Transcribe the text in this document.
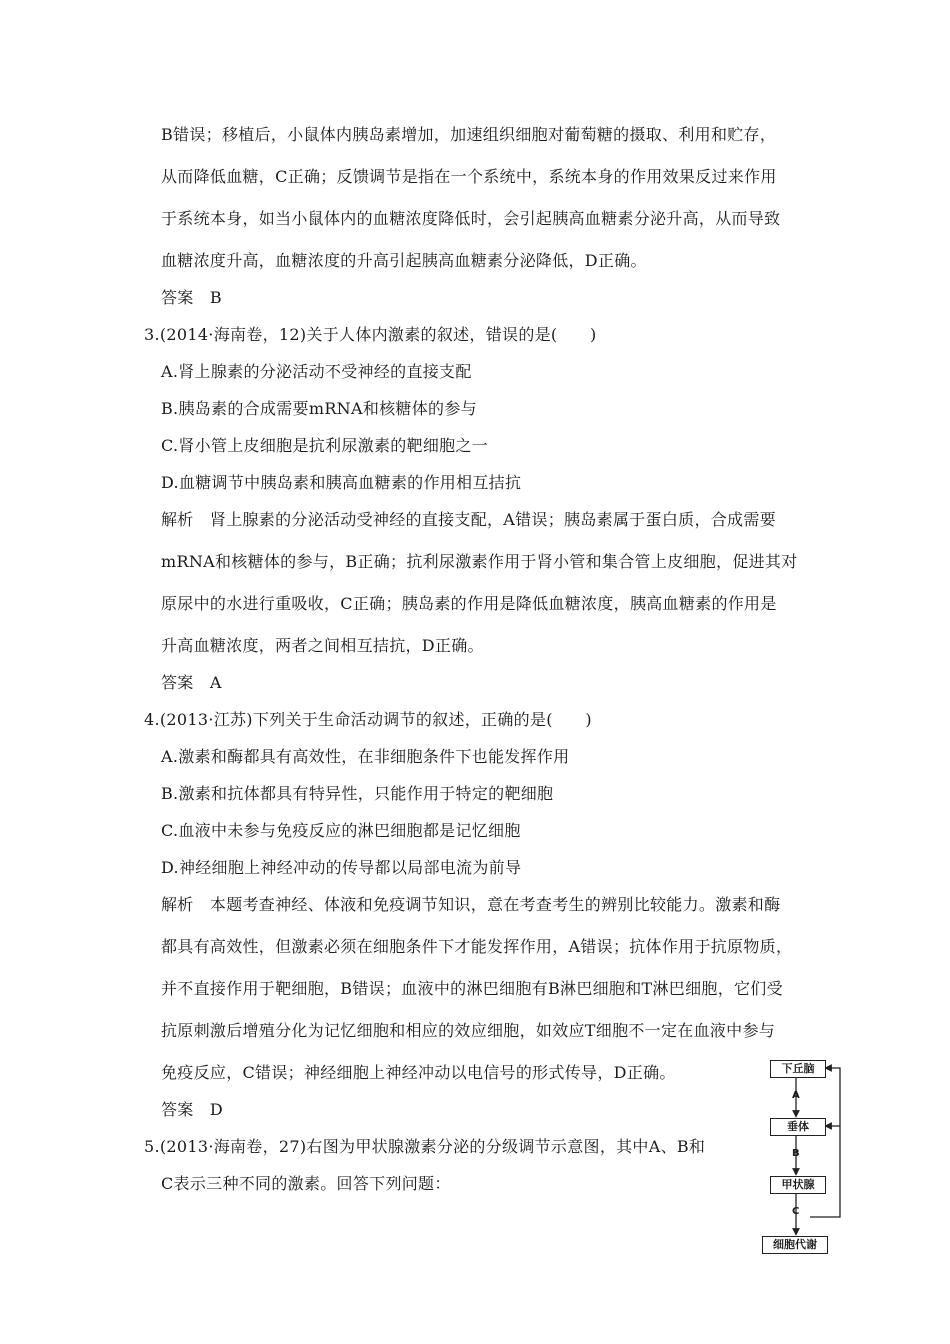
B错误；移植后，小鼠体内胰岛素增加，加速组织细胞对葡萄糖的摄取、利用和贮存，
从而降低血糖，C正确；反馈调节是指在一个系统中，系统本身的作用效果反过来作用
于系统本身，如当小鼠体内的血糖浓度降低时，会引起胰高血糖素分泌升高，从而导致
血糖浓度升高，血糖浓度的升高引起胰高血糖素分泌降低，D正确。
答案　B
3.(2014·海南卷，12)关于人体内激素的叙述，错误的是(　　)
A.肾上腺素的分泌活动不受神经的直接支配
B.胰岛素的合成需要mRNA和核糖体的参与
C.肾小管上皮细胞是抗利尿激素的靶细胞之一
D.血糖调节中胰岛素和胰高血糖素的作用相互拮抗
解析　肾上腺素的分泌活动受神经的直接支配，A错误；胰岛素属于蛋白质，合成需要
mRNA和核糖体的参与，B正确；抗利尿激素作用于肾小管和集合管上皮细胞，促进其对
原尿中的水进行重吸收，C正确；胰岛素的作用是降低血糖浓度，胰高血糖素的作用是
升高血糖浓度，两者之间相互拮抗，D正确。
答案　A
4.(2013·江苏)下列关于生命活动调节的叙述，正确的是(　　)
A.激素和酶都具有高效性，在非细胞条件下也能发挥作用
B.激素和抗体都具有特异性，只能作用于特定的靶细胞
C.血液中未参与免疫反应的淋巴细胞都是记忆细胞
D.神经细胞上神经冲动的传导都以局部电流为前导
解析　本题考查神经、体液和免疫调节知识，意在考查考生的辨别比较能力。激素和酶
都具有高效性，但激素必须在细胞条件下才能发挥作用，A错误；抗体作用于抗原物质，
并不直接作用于靶细胞，B错误；血液中的淋巴细胞有B淋巴细胞和T淋巴细胞，它们受
抗原刺激后增殖分化为记忆细胞和相应的效应细胞，如效应T细胞不一定在血液中参与
免疫反应，C错误；神经细胞上神经冲动以电信号的形式传导，D正确。
答案　D
5.(2013·海南卷，27)右图为甲状腺激素分泌的分级调节示意图，其中A、B和
C表示三种不同的激素。回答下列问题：
下丘脑
A
垂体
B
甲状腺
C
细胞代谢
